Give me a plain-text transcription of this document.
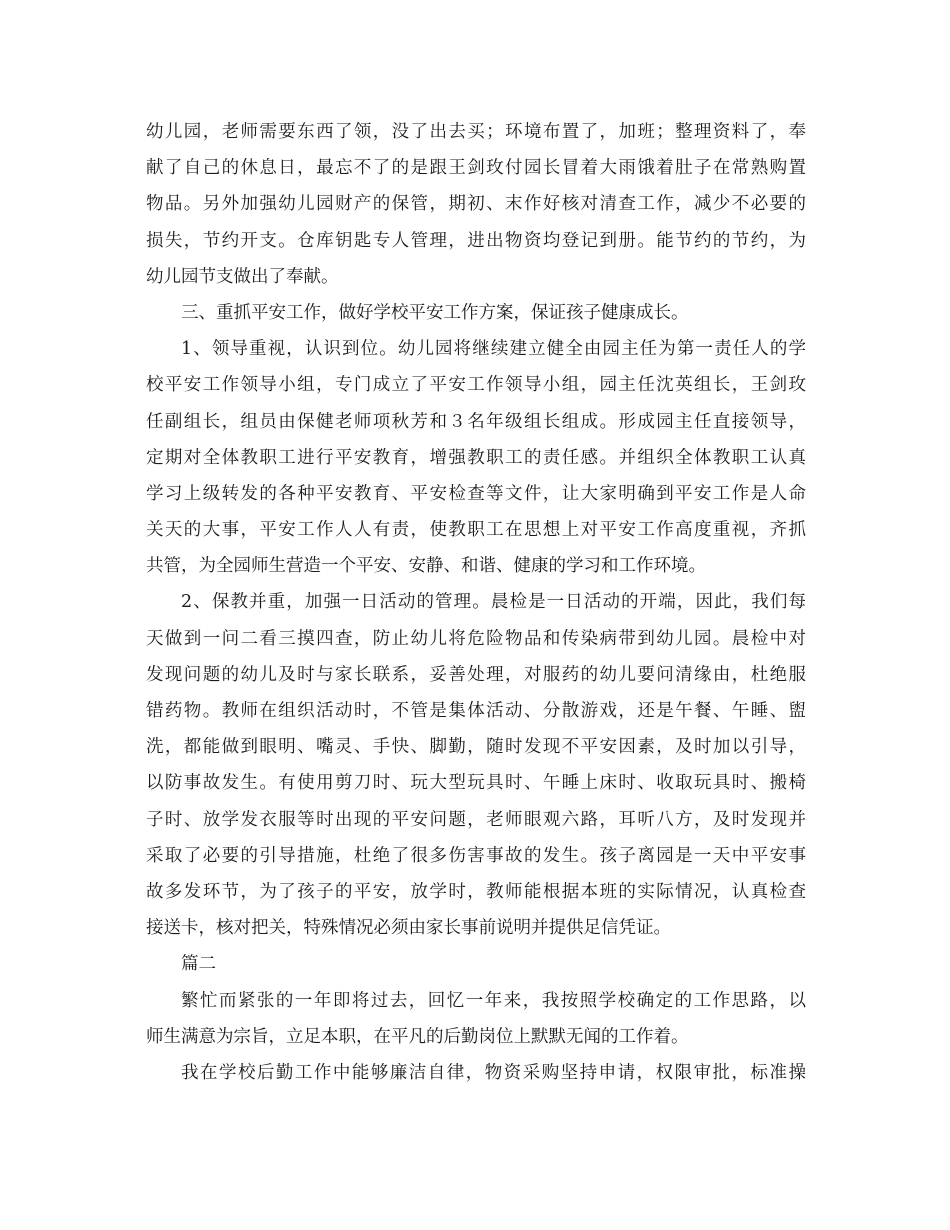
幼儿园，老师需要东西了领，没了出去买；环境布置了，加班；整理资料了，奉
献了自己的休息日，最忘不了的是跟王剑玫付园长冒着大雨饿着肚子在常熟购置
物品。另外加强幼儿园财产的保管，期初、末作好核对清查工作，减少不必要的
损失，节约开支。仓库钥匙专人管理，进出物资均登记到册。能节约的节约，为
幼儿园节支做出了奉献。
三、重抓平安工作，做好学校平安工作方案，保证孩子健康成长。
1、领导重视，认识到位。幼儿园将继续建立健全由园主任为第一责任人的学
校平安工作领导小组，专门成立了平安工作领导小组，园主任沈英组长，王剑玫
任副组长，组员由保健老师项秋芳和３名年级组长组成。形成园主任直接领导，
定期对全体教职工进行平安教育，增强教职工的责任感。并组织全体教职工认真
学习上级转发的各种平安教育、平安检查等文件，让大家明确到平安工作是人命
关天的大事，平安工作人人有责，使教职工在思想上对平安工作高度重视，齐抓
共管，为全园师生营造一个平安、安静、和谐、健康的学习和工作环境。
2、保教并重，加强一日活动的管理。晨检是一日活动的开端，因此，我们每
天做到一问二看三摸四查，防止幼儿将危险物品和传染病带到幼儿园。晨检中对
发现问题的幼儿及时与家长联系，妥善处理，对服药的幼儿要问清缘由，杜绝服
错药物。教师在组织活动时，不管是集体活动、分散游戏，还是午餐、午睡、盥
洗，都能做到眼明、嘴灵、手快、脚勤，随时发现不平安因素，及时加以引导，
以防事故发生。有使用剪刀时、玩大型玩具时、午睡上床时、收取玩具时、搬椅
子时、放学发衣服等时出现的平安问题，老师眼观六路，耳听八方，及时发现并
采取了必要的引导措施，杜绝了很多伤害事故的发生。孩子离园是一天中平安事
故多发环节，为了孩子的平安，放学时，教师能根据本班的实际情况，认真检查
接送卡，核对把关，特殊情况必须由家长事前说明并提供足信凭证。
篇二
繁忙而紧张的一年即将过去，回忆一年来，我按照学校确定的工作思路，以
师生满意为宗旨，立足本职，在平凡的后勤岗位上默默无闻的工作着。
我在学校后勤工作中能够廉洁自律，物资采购坚持申请，权限审批，标准操
